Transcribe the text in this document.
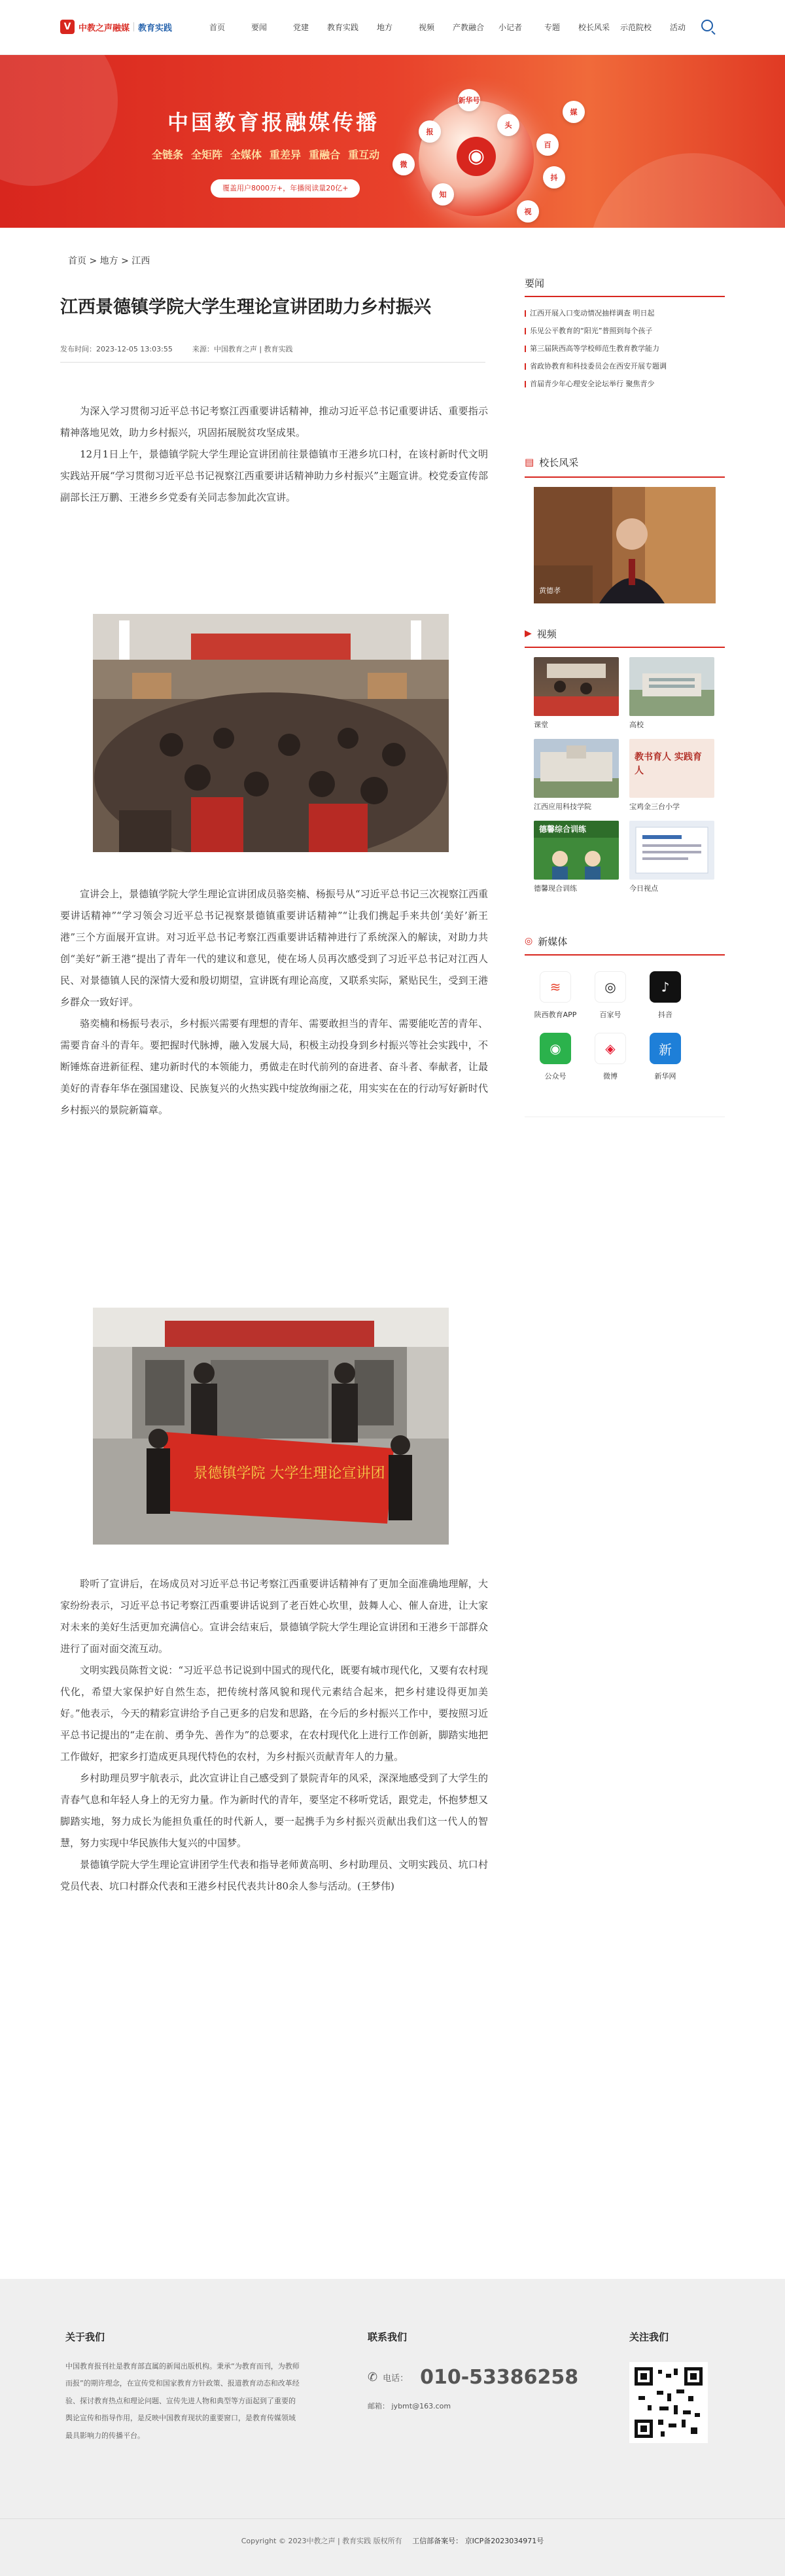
V 中教之声融媒 教育实践	首页	要闻	党建	教育实践	地方	视频	产教融合	小记者	专题	校长风采	示范院校	活动
中国教育报融媒传播
全链条 全矩阵 全媒体 重差异 重融合 重互动
覆盖用户8000万+，年播阅读量20亿+
◉
新华号
头
百
抖
视
知
微
报
媒
首页 > 地方 > 江西
江西景德镇学院大学生理论宣讲团助力乡村振兴
发布时间：2023-12-05 13:03:55	来源：中国教育之声 | 教育实践

为深入学习贯彻习近平总书记考察江西重要讲话精神，推动习近平总书记重要讲话、重要指示精神落地见效，助力乡村振兴，巩固拓展脱贫攻坚成果。

12月1日上午，景德镇学院大学生理论宣讲团前往景德镇市王港乡坑口村，在该村新时代文明实践站开展“学习贯彻习近平总书记视察江西重要讲话精神助力乡村振兴”主题宣讲。校党委宣传部副部长汪万鹏、王港乡乡党委有关同志参加此次宣讲。

宣讲会上，景德镇学院大学生理论宣讲团成员骆奕楠、杨振号从“习近平总书记三次视察江西重要讲话精神”“学习领会习近平总书记视察景德镇重要讲话精神”“让我们携起手来共创‘美好’新王港”三个方面展开宣讲。对习近平总书记考察江西重要讲话精神进行了系统深入的解读，对助力共创“美好”新王港“提出了青年一代的建议和意见，使在场人员再次感受到了习近平总书记对江西人民、对景德镇人民的深情大爱和殷切期望，宣讲既有理论高度，又联系实际，紧贴民生，受到王港乡群众一致好评。

骆奕楠和杨振号表示，乡村振兴需要有理想的青年、需要敢担当的青年、需要能吃苦的青年、需要肯奋斗的青年。要把握时代脉搏，融入发展大局，积极主动投身到乡村振兴等社会实践中，不断锤炼奋进新征程、建功新时代的本领能力，勇做走在时代前列的奋进者、奋斗者、奉献者，让最美好的青春年华在强国建设、民族复兴的火热实践中绽放绚丽之花，用实实在在的行动写好新时代乡村振兴的景院新篇章。

景德镇学院 大学生理论宣讲团

聆听了宣讲后，在场成员对习近平总书记考察江西重要讲话精神有了更加全面准确地理解，大家纷纷表示，习近平总书记考察江西重要讲话说到了老百姓心坎里，鼓舞人心、催人奋进，让大家对未来的美好生活更加充满信心。宣讲会结束后，景德镇学院大学生理论宣讲团和王港乡干部群众进行了面对面交流互动。

文明实践员陈哲文说：“习近平总书记说到中国式的现代化，既要有城市现代化，又要有农村现代化，希望大家保护好自然生态，把传统村落风貌和现代元素结合起来，把乡村建设得更加美好。”他表示，今天的精彩宣讲给予自己更多的启发和思路，在今后的乡村振兴工作中，要按照习近平总书记提出的“走在前、勇争先、善作为”的总要求，在农村现代化上进行工作创新，脚踏实地把工作做好，把家乡打造成更具现代特色的农村，为乡村振兴贡献青年人的力量。

乡村助理员罗宇航表示，此次宣讲让自己感受到了景院青年的风采，深深地感受到了大学生的青春气息和年轻人身上的无穷力量。作为新时代的青年，要坚定不移听党话，跟党走，怀抱梦想又脚踏实地，努力成长为能担负重任的时代新人，要一起携手为乡村振兴贡献出我们这一代人的智慧，努力实现中华民族伟大复兴的中国梦。

景德镇学院大学生理论宣讲团学生代表和指导老师黄高明、乡村助理员、文明实践员、坑口村党员代表、坑口村群众代表和王港乡村民代表共计80余人参与活动。(王梦伟)

要闻
江西开展入口变动情况抽样调查 明日起
乐见公平教育的“阳光”普照到每个孩子
第三届陕西高等学校师范生教育教学能力
省政协教育和科技委员会在西安开展专题调
首届青少年心理安全论坛举行 聚焦青少
▤ 校长风采
黄德孝
▶ 视频
课堂	高校
江西应用科技学院
教书育人 实践育人
宝鸡金三台小学
德馨综合训练
德馨现合训练	今日视点
◎ 新媒体
≋
陕西教育APP
◎
百家号
♪
抖音
◉
公众号
◈
微博
新
新华网
关于我们
中国教育报刊社是教育部直属的新闻出版机构。秉承“为教育而刊，为教师而报”的期许理念，在宣传党和国家教育方针政策、报道教育动态和改革经验、探讨教育热点和理论问题、宣传先进人物和典型等方面起到了重要的舆论宣传和指导作用，是反映中国教育现状的重要窗口，是教育传媒领域最具影响力的传播平台。
联系我们
✆ 电话： 010-53386258
邮箱： jybmt@163.com
关注我们
Copyright © 2023中教之声 | 教育实践 版权所有 工信部备案号： 京ICP备2023034971号
